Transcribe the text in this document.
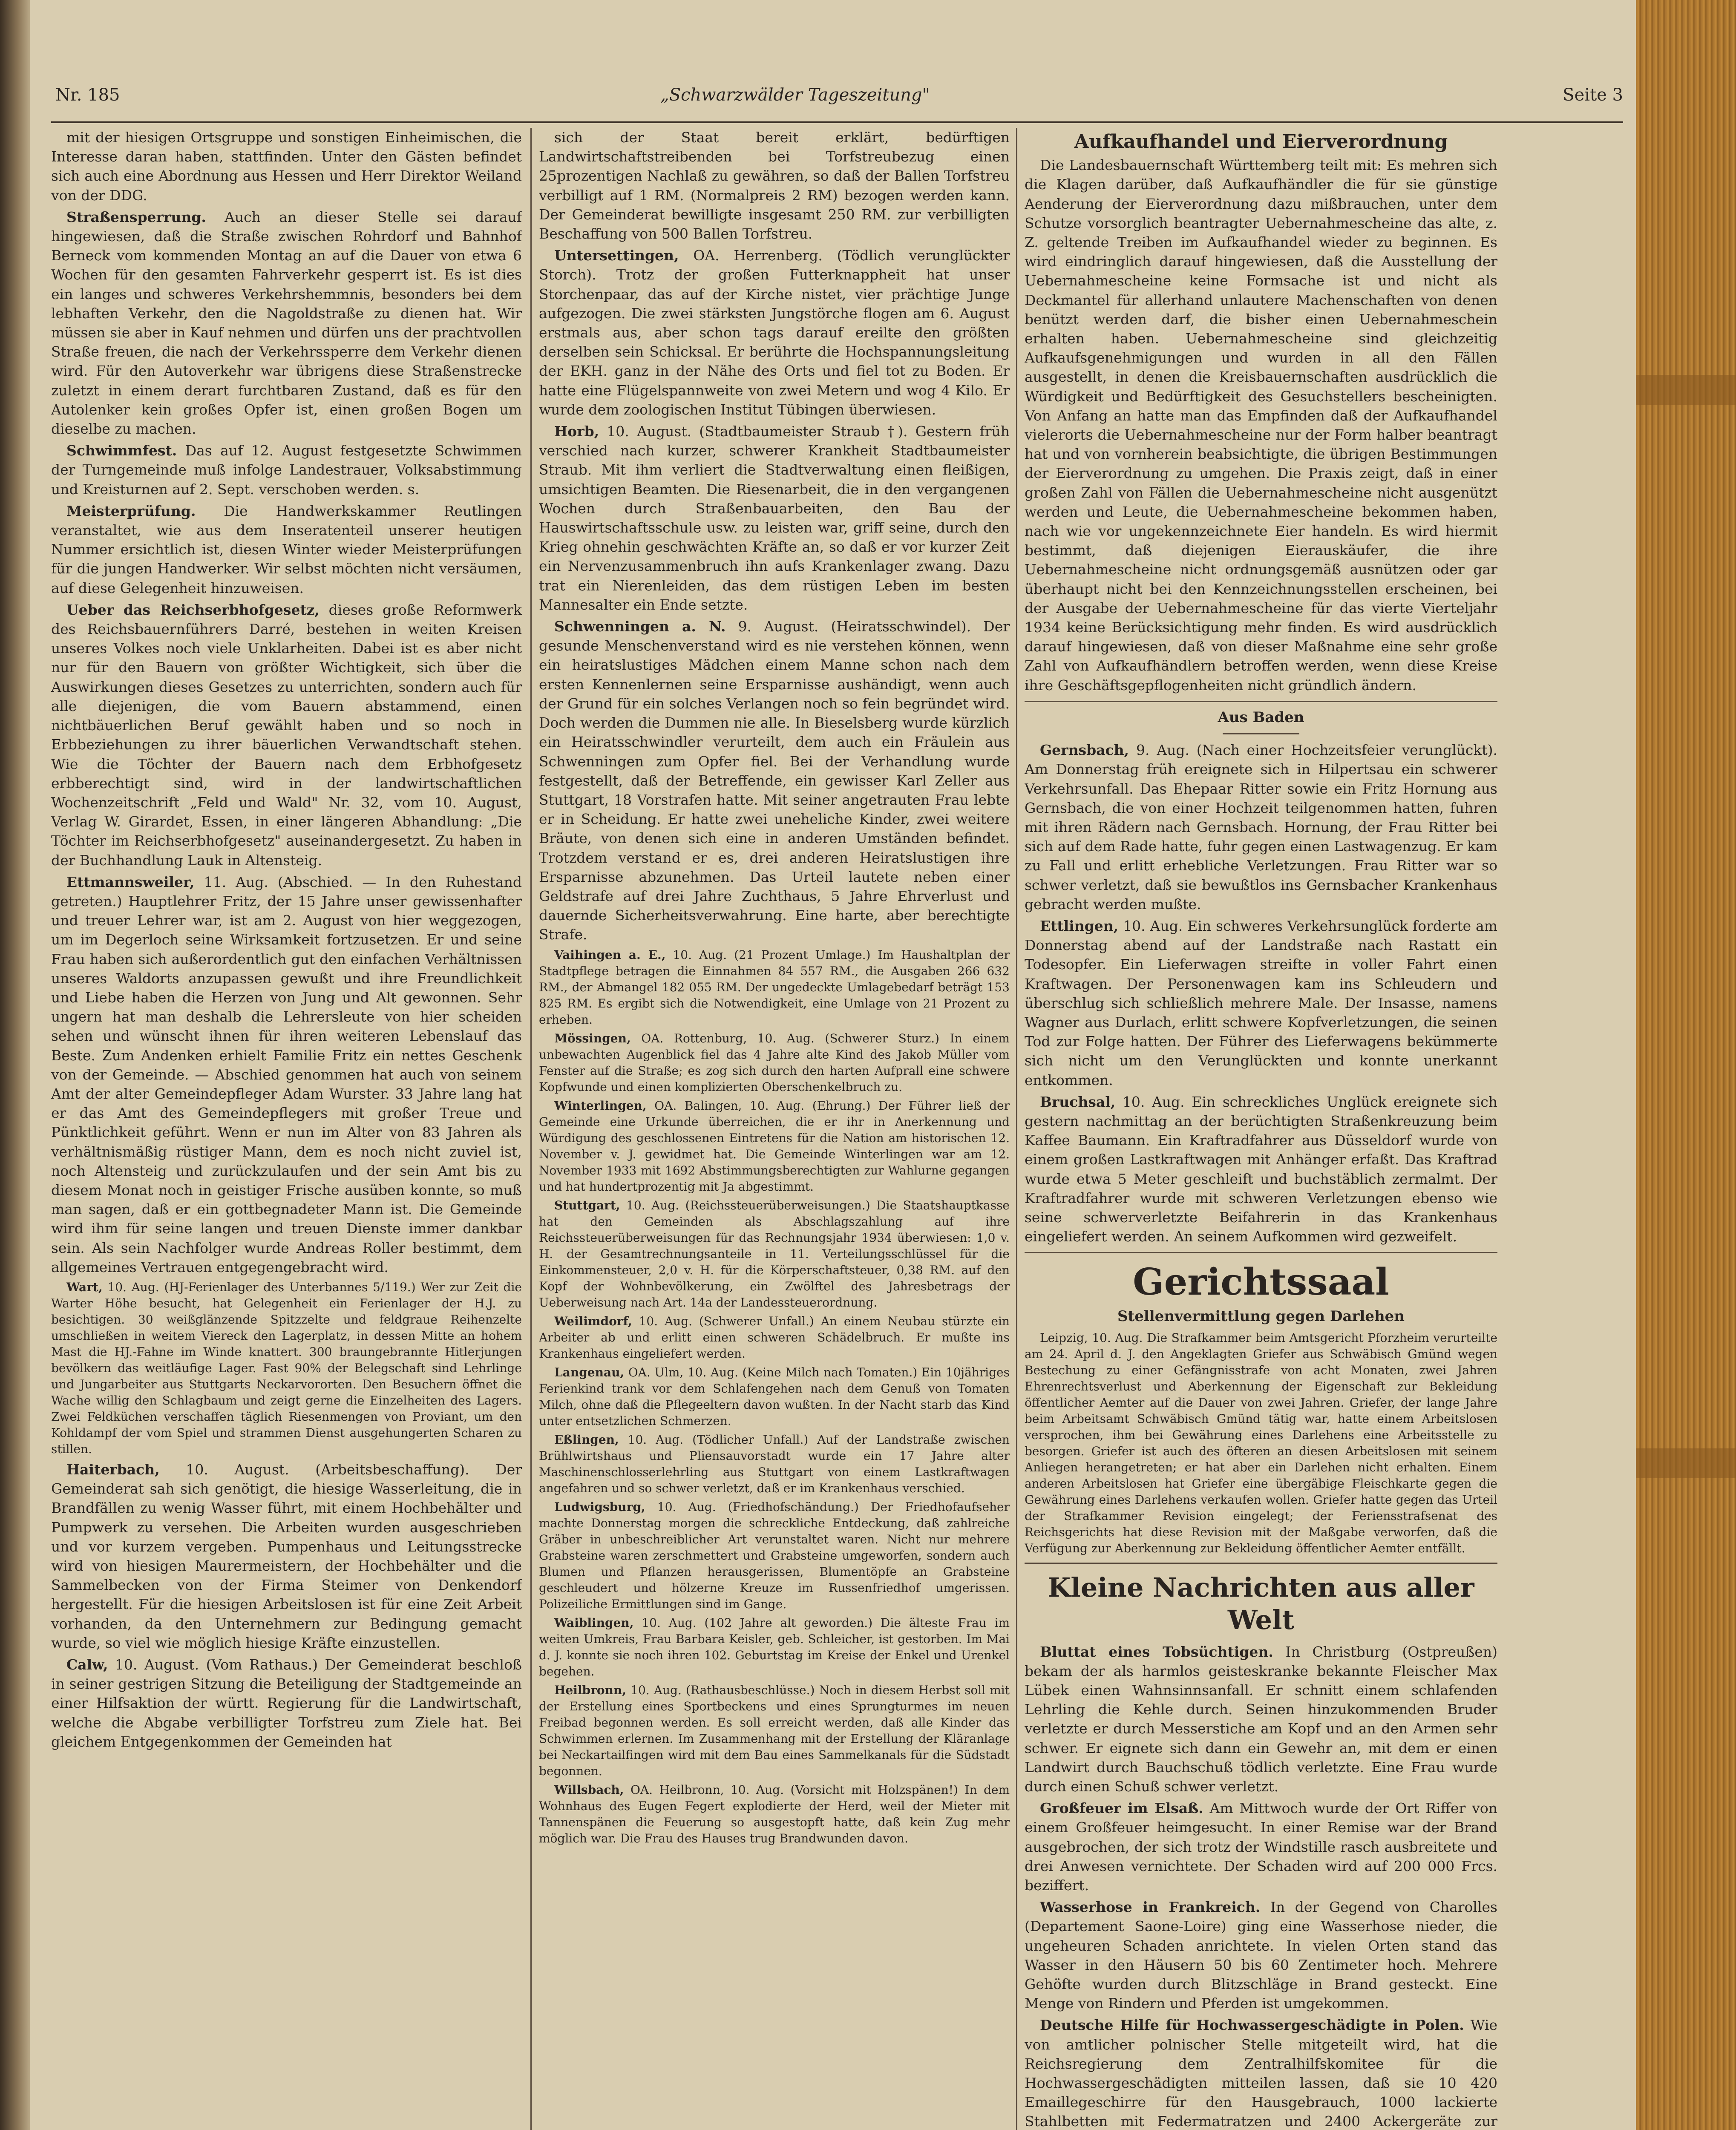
Nr. 185	„Schwarzwälder Tageszeitung"	Seite 3

mit der hiesigen Ortsgruppe und sonstigen Einheimischen, die Interesse daran haben, stattfinden. Unter den Gästen befindet sich auch eine Abordnung aus Hessen und Herr Direktor Weiland von der DDG.

Straßensperrung. Auch an dieser Stelle sei darauf hingewiesen, daß die Straße zwischen Rohrdorf und Bahnhof Berneck vom kommenden Montag an auf die Dauer von etwa 6 Wochen für den gesamten Fahrverkehr gesperrt ist. Es ist dies ein langes und schweres Verkehrshemmnis, besonders bei dem lebhaften Verkehr, den die Nagoldstraße zu dienen hat. Wir müssen sie aber in Kauf nehmen und dürfen uns der prachtvollen Straße freuen, die nach der Verkehrssperre dem Verkehr dienen wird. Für den Autoverkehr war übrigens diese Straßenstrecke zuletzt in einem derart furchtbaren Zustand, daß es für den Autolenker kein großes Opfer ist, einen großen Bogen um dieselbe zu machen.

Schwimmfest. Das auf 12. August festgesetzte Schwimmen der Turngemeinde muß infolge Landestrauer, Volksabstimmung und Kreisturnen auf 2. Sept. verschoben werden. s.

Meisterprüfung. Die Handwerkskammer Reutlingen veranstaltet, wie aus dem Inseratenteil unserer heutigen Nummer ersichtlich ist, diesen Winter wieder Meisterprüfungen für die jungen Handwerker. Wir selbst möchten nicht versäumen, auf diese Gelegenheit hinzuweisen.

Ueber das Reichserbhofgesetz, dieses große Reformwerk des Reichsbauernführers Darré, bestehen in weiten Kreisen unseres Volkes noch viele Unklarheiten. Dabei ist es aber nicht nur für den Bauern von größter Wichtigkeit, sich über die Auswirkungen dieses Gesetzes zu unterrichten, sondern auch für alle diejenigen, die vom Bauern abstammend, einen nichtbäuerlichen Beruf gewählt haben und so noch in Erbbeziehungen zu ihrer bäuerlichen Verwandtschaft stehen. Wie die Töchter der Bauern nach dem Erbhofgesetz erbberechtigt sind, wird in der landwirtschaftlichen Wochenzeitschrift „Feld und Wald" Nr. 32, vom 10. August, Verlag W. Girardet, Essen, in einer längeren Abhandlung: „Die Töchter im Reichserbhofgesetz" auseinandergesetzt. Zu haben in der Buchhandlung Lauk in Altensteig.

Ettmannsweiler, 11. Aug. (Abschied. — In den Ruhestand getreten.) Hauptlehrer Fritz, der 15 Jahre unser gewissenhafter und treuer Lehrer war, ist am 2. August von hier weggezogen, um im Degerloch seine Wirksamkeit fortzusetzen. Er und seine Frau haben sich außerordentlich gut den einfachen Verhältnissen unseres Waldorts anzupassen gewußt und ihre Freundlichkeit und Liebe haben die Herzen von Jung und Alt gewonnen. Sehr ungern hat man deshalb die Lehrersleute von hier scheiden sehen und wünscht ihnen für ihren weiteren Lebenslauf das Beste. Zum Andenken erhielt Familie Fritz ein nettes Geschenk von der Gemeinde. — Abschied genommen hat auch von seinem Amt der alter Gemeindepfleger Adam Wurster. 33 Jahre lang hat er das Amt des Gemeindepflegers mit großer Treue und Pünktlichkeit geführt. Wenn er nun im Alter von 83 Jahren als verhältnismäßig rüstiger Mann, dem es noch nicht zuviel ist, noch Altensteig und zurückzulaufen und der sein Amt bis zu diesem Monat noch in geistiger Frische ausüben konnte, so muß man sagen, daß er ein gottbegnadeter Mann ist. Die Gemeinde wird ihm für seine langen und treuen Dienste immer dankbar sein. Als sein Nachfolger wurde Andreas Roller bestimmt, dem allgemeines Vertrauen entgegengebracht wird.

Wart, 10. Aug. (HJ-Ferienlager des Unterbannes 5/119.) Wer zur Zeit die Warter Höhe besucht, hat Gelegenheit ein Ferienlager der H.J. zu besichtigen. 30 weißglänzende Spitzzelte und feldgraue Reihenzelte umschließen in weitem Viereck den Lagerplatz, in dessen Mitte an hohem Mast die HJ.-Fahne im Winde knattert. 300 braungebrannte Hitlerjungen bevölkern das weitläufige Lager. Fast 90% der Belegschaft sind Lehrlinge und Jungarbeiter aus Stuttgarts Neckarvororten. Den Besuchern öffnet die Wache willig den Schlagbaum und zeigt gerne die Einzelheiten des Lagers. Zwei Feldküchen verschaffen täglich Riesenmengen von Proviant, um den Kohldampf der vom Spiel und strammen Dienst ausgehungerten Scharen zu stillen.

Haiterbach, 10. August. (Arbeitsbeschaffung). Der Gemeinderat sah sich genötigt, die hiesige Wasserleitung, die in Brandfällen zu wenig Wasser führt, mit einem Hochbehälter und Pumpwerk zu versehen. Die Arbeiten wurden ausgeschrieben und vor kurzem vergeben. Pumpenhaus und Leitungsstrecke wird von hiesigen Maurermeistern, der Hochbehälter und die Sammelbecken von der Firma Steimer von Denkendorf hergestellt. Für die hiesigen Arbeitslosen ist für eine Zeit Arbeit vorhanden, da den Unternehmern zur Bedingung gemacht wurde, so viel wie möglich hiesige Kräfte einzustellen.

Calw, 10. August. (Vom Rathaus.) Der Gemeinderat beschloß in seiner gestrigen Sitzung die Beteiligung der Stadtgemeinde an einer Hilfsaktion der württ. Regierung für die Landwirtschaft, welche die Abgabe verbilligter Torfstreu zum Ziele hat. Bei gleichem Entgegenkommen der Gemeinden hat

sich der Staat bereit erklärt, bedürftigen Landwirtschaftstreibenden bei Torfstreubezug einen 25prozentigen Nachlaß zu gewähren, so daß der Ballen Torfstreu verbilligt auf 1 RM. (Normalpreis 2 RM) bezogen werden kann. Der Gemeinderat bewilligte insgesamt 250 RM. zur verbilligten Beschaffung von 500 Ballen Torfstreu.

Untersettingen, OA. Herrenberg. (Tödlich verunglückter Storch). Trotz der großen Futterknappheit hat unser Storchenpaar, das auf der Kirche nistet, vier prächtige Junge aufgezogen. Die zwei stärksten Jungstörche flogen am 6. August erstmals aus, aber schon tags darauf ereilte den größten derselben sein Schicksal. Er berührte die Hochspannungsleitung der EKH. ganz in der Nähe des Orts und fiel tot zu Boden. Er hatte eine Flügelspannweite von zwei Metern und wog 4 Kilo. Er wurde dem zoologischen Institut Tübingen überwiesen.

Horb, 10. August. (Stadtbaumeister Straub †). Gestern früh verschied nach kurzer, schwerer Krankheit Stadtbaumeister Straub. Mit ihm verliert die Stadtverwaltung einen fleißigen, umsichtigen Beamten. Die Riesenarbeit, die in den vergangenen Wochen durch Straßenbauarbeiten, den Bau der Hauswirtschaftsschule usw. zu leisten war, griff seine, durch den Krieg ohnehin geschwächten Kräfte an, so daß er vor kurzer Zeit ein Nervenzusammenbruch ihn aufs Krankenlager zwang. Dazu trat ein Nierenleiden, das dem rüstigen Leben im besten Mannesalter ein Ende setzte.

Schwenningen a. N. 9. August. (Heiratsschwindel). Der gesunde Menschenverstand wird es nie verstehen können, wenn ein heiratslustiges Mädchen einem Manne schon nach dem ersten Kennenlernen seine Ersparnisse aushändigt, wenn auch der Grund für ein solches Verlangen noch so fein begründet wird. Doch werden die Dummen nie alle. In Bieselsberg wurde kürzlich ein Heiratsschwindler verurteilt, dem auch ein Fräulein aus Schwenningen zum Opfer fiel. Bei der Verhandlung wurde festgestellt, daß der Betreffende, ein gewisser Karl Zeller aus Stuttgart, 18 Vorstrafen hatte. Mit seiner angetrauten Frau lebte er in Scheidung. Er hatte zwei uneheliche Kinder, zwei weitere Bräute, von denen sich eine in anderen Umständen befindet. Trotzdem verstand er es, drei anderen Heiratslustigen ihre Ersparnisse abzunehmen. Das Urteil lautete neben einer Geldstrafe auf drei Jahre Zuchthaus, 5 Jahre Ehrverlust und dauernde Sicherheitsverwahrung. Eine harte, aber berechtigte Strafe.

Vaihingen a. E., 10. Aug. (21 Prozent Umlage.) Im Haushaltplan der Stadtpflege betragen die Einnahmen 84 557 RM., die Ausgaben 266 632 RM., der Abmangel 182 055 RM. Der ungedeckte Umlagebedarf beträgt 153 825 RM. Es ergibt sich die Notwendigkeit, eine Umlage von 21 Prozent zu erheben.

Mössingen, OA. Rottenburg, 10. Aug. (Schwerer Sturz.) In einem unbewachten Augenblick fiel das 4 Jahre alte Kind des Jakob Müller vom Fenster auf die Straße; es zog sich durch den harten Aufprall eine schwere Kopfwunde und einen komplizierten Oberschenkelbruch zu.

Winterlingen, OA. Balingen, 10. Aug. (Ehrung.) Der Führer ließ der Gemeinde eine Urkunde überreichen, die er ihr in Anerkennung und Würdigung des geschlossenen Eintretens für die Nation am historischen 12. November v. J. gewidmet hat. Die Gemeinde Winterlingen war am 12. November 1933 mit 1692 Abstimmungsberechtigten zur Wahlurne gegangen und hat hundertprozentig mit Ja abgestimmt.

Stuttgart, 10. Aug. (Reichssteuerüberweisungen.) Die Staatshauptkasse hat den Gemeinden als Abschlagszahlung auf ihre Reichssteuerüberweisungen für das Rechnungsjahr 1934 überwiesen: 1,0 v. H. der Gesamtrechnungsanteile in 11. Verteilungsschlüssel für die Einkommensteuer, 2,0 v. H. für die Körperschaftsteuer, 0,38 RM. auf den Kopf der Wohnbevölkerung, ein Zwölftel des Jahresbetrags der Ueberweisung nach Art. 14a der Landessteuerordnung.

Weilimdorf, 10. Aug. (Schwerer Unfall.) An einem Neubau stürzte ein Arbeiter ab und erlitt einen schweren Schädelbruch. Er mußte ins Krankenhaus eingeliefert werden.

Langenau, OA. Ulm, 10. Aug. (Keine Milch nach Tomaten.) Ein 10jähriges Ferienkind trank vor dem Schlafengehen nach dem Genuß von Tomaten Milch, ohne daß die Pflegeeltern davon wußten. In der Nacht starb das Kind unter entsetzlichen Schmerzen.

Eßlingen, 10. Aug. (Tödlicher Unfall.) Auf der Landstraße zwischen Brühlwirtshaus und Pliensauvorstadt wurde ein 17 Jahre alter Maschinenschlosserlehrling aus Stuttgart von einem Lastkraftwagen angefahren und so schwer verletzt, daß er im Krankenhaus verschied.

Ludwigsburg, 10. Aug. (Friedhofschändung.) Der Friedhofaufseher machte Donnerstag morgen die schreckliche Entdeckung, daß zahlreiche Gräber in unbeschreiblicher Art verunstaltet waren. Nicht nur mehrere Grabsteine waren zerschmettert und Grabsteine umgeworfen, sondern auch Blumen und Pflanzen herausgerissen, Blumentöpfe an Grabsteine geschleudert und hölzerne Kreuze im Russenfriedhof umgerissen. Polizeiliche Ermittlungen sind im Gange.

Waiblingen, 10. Aug. (102 Jahre alt geworden.) Die älteste Frau im weiten Umkreis, Frau Barbara Keisler, geb. Schleicher, ist gestorben. Im Mai d. J. konnte sie noch ihren 102. Geburtstag im Kreise der Enkel und Urenkel begehen.

Heilbronn, 10. Aug. (Rathausbeschlüsse.) Noch in diesem Herbst soll mit der Erstellung eines Sportbeckens und eines Sprungturmes im neuen Freibad begonnen werden. Es soll erreicht werden, daß alle Kinder das Schwimmen erlernen. Im Zusammenhang mit der Erstellung der Kläranlage bei Neckartailfingen wird mit dem Bau eines Sammelkanals für die Südstadt begonnen.

Willsbach, OA. Heilbronn, 10. Aug. (Vorsicht mit Holzspänen!) In dem Wohnhaus des Eugen Fegert explodierte der Herd, weil der Mieter mit Tannenspänen die Feuerung so ausgestopft hatte, daß kein Zug mehr möglich war. Die Frau des Hauses trug Brandwunden davon.

Aufkaufhandel und Eierverordnung

Die Landesbauernschaft Württemberg teilt mit: Es mehren sich die Klagen darüber, daß Aufkaufhändler die für sie günstige Aenderung der Eierverordnung dazu mißbrauchen, unter dem Schutze vorsorglich beantragter Uebernahmescheine das alte, z. Z. geltende Treiben im Aufkaufhandel wieder zu beginnen. Es wird eindringlich darauf hingewiesen, daß die Ausstellung der Uebernahmescheine keine Formsache ist und nicht als Deckmantel für allerhand unlautere Machenschaften von denen benützt werden darf, die bisher einen Uebernahmeschein erhalten haben. Uebernahmescheine sind gleichzeitig Aufkaufsgenehmigungen und wurden in all den Fällen ausgestellt, in denen die Kreisbauernschaften ausdrücklich die Würdigkeit und Bedürftigkeit des Gesuchstellers bescheinigten. Von Anfang an hatte man das Empfinden daß der Aufkaufhandel vielerorts die Uebernahmescheine nur der Form halber beantragt hat und von vornherein beabsichtigte, die übrigen Bestimmungen der Eierverordnung zu umgehen. Die Praxis zeigt, daß in einer großen Zahl von Fällen die Uebernahmescheine nicht ausgenützt werden und Leute, die Uebernahmescheine bekommen haben, nach wie vor ungekennzeichnete Eier handeln. Es wird hiermit bestimmt, daß diejenigen Eierauskäufer, die ihre Uebernahmescheine nicht ordnungsgemäß ausnützen oder gar überhaupt nicht bei den Kennzeichnungsstellen erscheinen, bei der Ausgabe der Uebernahmescheine für das vierte Vierteljahr 1934 keine Berücksichtigung mehr finden. Es wird ausdrücklich darauf hingewiesen, daß von dieser Maßnahme eine sehr große Zahl von Aufkaufhändlern betroffen werden, wenn diese Kreise ihre Geschäftsgepflogenheiten nicht gründlich ändern.

Aus Baden

Gernsbach, 9. Aug. (Nach einer Hochzeitsfeier verunglückt). Am Donnerstag früh ereignete sich in Hilpertsau ein schwerer Verkehrsunfall. Das Ehepaar Ritter sowie ein Fritz Hornung aus Gernsbach, die von einer Hochzeit teilgenommen hatten, fuhren mit ihren Rädern nach Gernsbach. Hornung, der Frau Ritter bei sich auf dem Rade hatte, fuhr gegen einen Lastwagenzug. Er kam zu Fall und erlitt erhebliche Verletzungen. Frau Ritter war so schwer verletzt, daß sie bewußtlos ins Gernsbacher Krankenhaus gebracht werden mußte.

Ettlingen, 10. Aug. Ein schweres Verkehrsunglück forderte am Donnerstag abend auf der Landstraße nach Rastatt ein Todesopfer. Ein Lieferwagen streifte in voller Fahrt einen Kraftwagen. Der Personenwagen kam ins Schleudern und überschlug sich schließlich mehrere Male. Der Insasse, namens Wagner aus Durlach, erlitt schwere Kopfverletzungen, die seinen Tod zur Folge hatten. Der Führer des Lieferwagens bekümmerte sich nicht um den Verunglückten und konnte unerkannt entkommen.

Bruchsal, 10. Aug. Ein schreckliches Unglück ereignete sich gestern nachmittag an der berüchtigten Straßenkreuzung beim Kaffee Baumann. Ein Kraftradfahrer aus Düsseldorf wurde von einem großen Lastkraftwagen mit Anhänger erfaßt. Das Kraftrad wurde etwa 5 Meter geschleift und buchstäblich zermalmt. Der Kraftradfahrer wurde mit schweren Verletzungen ebenso wie seine schwerverletzte Beifahrerin in das Krankenhaus eingeliefert werden. An seinem Aufkommen wird gezweifelt.

Gerichtssaal
Stellenvermittlung gegen Darlehen

Leipzig, 10. Aug. Die Strafkammer beim Amtsgericht Pforzheim verurteilte am 24. April d. J. den Angeklagten Griefer aus Schwäbisch Gmünd wegen Bestechung zu einer Gefängnisstrafe von acht Monaten, zwei Jahren Ehrenrechtsverlust und Aberkennung der Eigenschaft zur Bekleidung öffentlicher Aemter auf die Dauer von zwei Jahren. Griefer, der lange Jahre beim Arbeitsamt Schwäbisch Gmünd tätig war, hatte einem Arbeitslosen versprochen, ihm bei Gewährung eines Darlehens eine Arbeitsstelle zu besorgen. Griefer ist auch des öfteren an diesen Arbeitslosen mit seinem Anliegen herangetreten; er hat aber ein Darlehen nicht erhalten. Einem anderen Arbeitslosen hat Griefer eine übergäbige Fleischkarte gegen die Gewährung eines Darlehens verkaufen wollen. Griefer hatte gegen das Urteil der Strafkammer Revision eingelegt; der Feriensstrafsenat des Reichsgerichts hat diese Revision mit der Maßgabe verworfen, daß die Verfügung zur Aberkennung zur Bekleidung öffentlicher Aemter entfällt.

Kleine Nachrichten aus aller Welt

Bluttat eines Tobsüchtigen. In Christburg (Ostpreußen) bekam der als harmlos geisteskranke bekannte Fleischer Max Lübek einen Wahnsinnsanfall. Er schnitt einem schlafenden Lehrling die Kehle durch. Seinen hinzukommenden Bruder verletzte er durch Messerstiche am Kopf und an den Armen sehr schwer. Er eignete sich dann ein Gewehr an, mit dem er einen Landwirt durch Bauchschuß tödlich verletzte. Eine Frau wurde durch einen Schuß schwer verletzt.

Großfeuer im Elsaß. Am Mittwoch wurde der Ort Riffer von einem Großfeuer heimgesucht. In einer Remise war der Brand ausgebrochen, der sich trotz der Windstille rasch ausbreitete und drei Anwesen vernichtete. Der Schaden wird auf 200 000 Frcs. beziffert.

Wasserhose in Frankreich. In der Gegend von Charolles (Departement Saone-Loire) ging eine Wasserhose nieder, die ungeheuren Schaden anrichtete. In vielen Orten stand das Wasser in den Häusern 50 bis 60 Zentimeter hoch. Mehrere Gehöfte wurden durch Blitzschläge in Brand gesteckt. Eine Menge von Rindern und Pferden ist umgekommen.

Deutsche Hilfe für Hochwassergeschädigte in Polen. Wie von amtlicher polnischer Stelle mitgeteilt wird, hat die Reichsregierung dem Zentralhilfskomitee für die Hochwassergeschädigten mitteilen lassen, daß sie 10 420 Emaillegeschirre für den Hausgebrauch, 1000 lackierte Stahlbetten mit Federmatratzen und 2400 Ackergeräte zur
